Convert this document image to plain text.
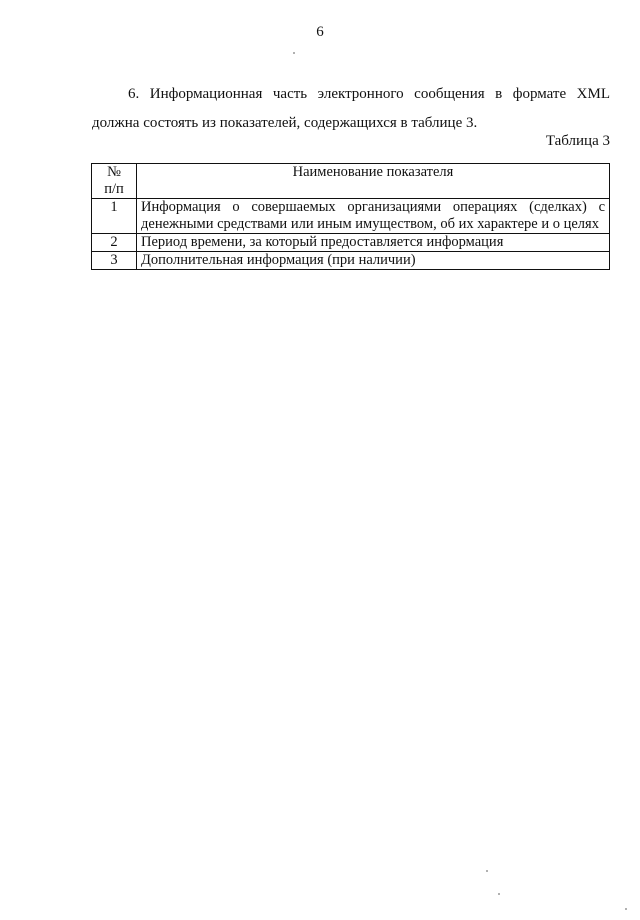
6

6. Информационная часть электронного сообщения в формате XML
должна состоять из показателей, содержащихся в таблице 3.

Таблица 3
№
п/п	Наименование показателя
1	Информация о совершаемых организациями операциях (сделках) с денежными средствами или иным имуществом, об их характере и о целях
2	Период времени, за который предоставляется информация
3	Дополнительная информация (при наличии)
